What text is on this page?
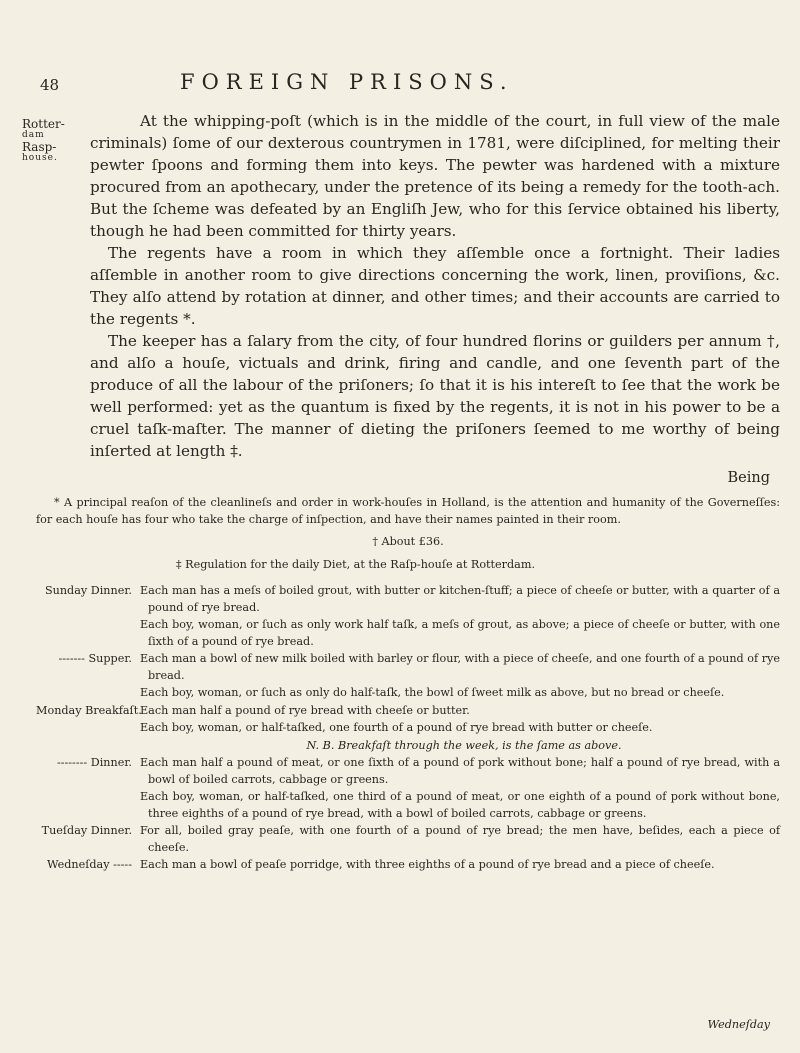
48	FOREIGN PRISONS.
Rotter-
dam
Rasp-
house.

At the whipping-poſt (which is in the middle of the court, in full view of the male criminals) ſome of our dexterous countrymen in 1781, were diſciplined, for melting their pewter ſpoons and forming them into keys. The pewter was hardened with a mixture procured from an apothecary, under the pretence of its being a remedy for the tooth-ach. But the ſcheme was defeated by an Engliſh Jew, who for this ſervice obtained his liberty, though he had been committed for thirty years.

The regents have a room in which they aſſemble once a fortnight. Their ladies aſſemble in another room to give directions concerning the work, linen, proviſions, &c. They alſo attend by rotation at dinner, and other times; and their accounts are carried to the regents *.

The keeper has a ſalary from the city, of four hundred florins or guilders per annum †, and alſo a houſe, victuals and drink, firing and candle, and one ſeventh part of the produce of all the labour of the priſoners; ſo that it is his intereſt to ſee that the work be well performed: yet as the quantum is fixed by the regents, it is not in his power to be a cruel taſk-maſter. The manner of dieting the priſoners ſeemed to me worthy of being inſerted at length ‡.

Being

* A principal reaſon of the cleanlineſs and order in work-houſes in Holland, is the attention and humanity of the Governeſſes: for each houſe has four who take the charge of inſpection, and have their names painted in their room.

† About £36.

‡ Regulation for the daily Diet, at the Raſp-houſe at Rotterdam.

Sunday Dinner. Each man has a meſs of boiled grout, with butter or kitchen-ſtuff; a piece of cheeſe or butter, with a quarter of a pound of rye bread.
Each boy, woman, or ſuch as only work half taſk, a meſs of grout, as above; a piece of cheeſe or butter, with one ſixth of a pound of rye bread.
------- Supper. Each man a bowl of new milk boiled with barley or flour, with a piece of cheeſe, and one fourth of a pound of rye bread.
Each boy, woman, or ſuch as only do half-taſk, the bowl of ſweet milk as above, but no bread or cheeſe.
Monday Breakfaſt.
Each man half a pound of rye bread with cheeſe or butter.
Each boy, woman, or half-taſked, one fourth of a pound of rye bread with butter or cheeſe.
N. B. Breakfaſt through the week, is the ſame as above.
-------- Dinner. Each man half a pound of meat, or one ſixth of a pound of pork without bone; half a pound of rye bread, with a bowl of boiled carrots, cabbage or greens.
Each boy, woman, or half-taſked, one third of a pound of meat, or one eighth of a pound of pork without bone, three eighths of a pound of rye bread, with a bowl of boiled carrots, cabbage or greens.
Tueſday Dinner. For all, boiled gray peaſe, with one fourth of a pound of rye bread; the men have, beſides, each a piece of cheeſe.
Wedneſday ----- Each man a bowl of peaſe porridge, with three eighths of a pound of rye bread and a piece of cheeſe.
Wedneſday
